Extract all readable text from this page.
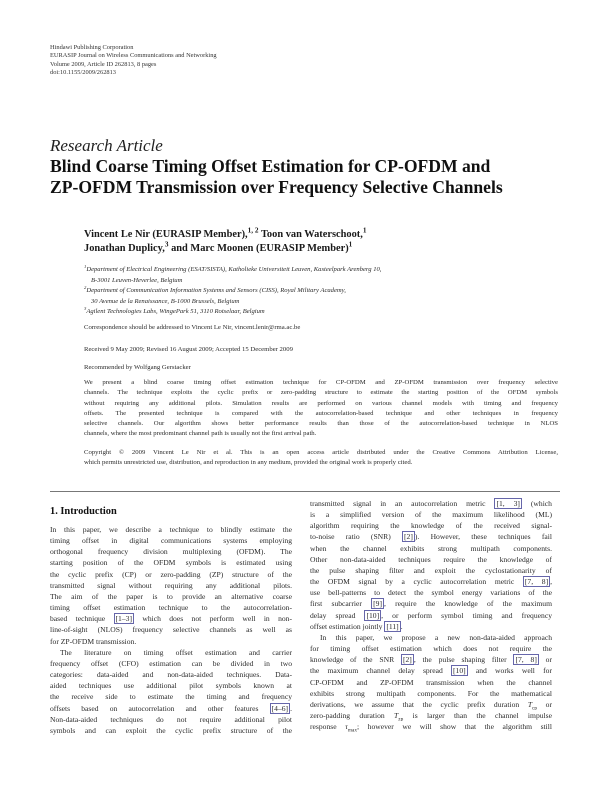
Hindawi Publishing Corporation
EURASIP Journal on Wireless Communications and Networking
Volume 2009, Article ID 262813, 8 pages
doi:10.1155/2009/262813
Research Article
Blind Coarse Timing Offset Estimation for CP-OFDM and
ZP-OFDM Transmission over Frequency Selective Channels
Vincent Le Nir (EURASIP Member),$^{1, 2}$ Toon van Waterschoot,$^1$
Jonathan Duplicy,$^3$ and Marc Moonen (EURASIP Member)$^1$
$^1$Department of Electrical Engineering (ESAT/SISTA), Katholieke Universiteit Leuven, Kasteelpark Arenberg 10,
B-3001 Leuven-Heverlee, Belgium
$^2$Department of Communication Information Systems and Sensors (CISS), Royal Military Academy,
30 Avenue de la Renaissance, B-1000 Brussels, Belgium
$^3$Agilent Technologies Labs, WingePark 51, 3110 Rotselaar, Belgium
Correspondence should be addressed to Vincent Le Nir, vincent.lenir@rma.ac.be
Received 9 May 2009; Revised 16 August 2009; Accepted 15 December 2009
Recommended by Wolfgang Gerstacker
We present a blind coarse timing offset estimation technique for CP-OFDM and ZP-OFDM transmission over frequency selective
channels. The technique exploits the cyclic prefix or zero-padding structure to estimate the starting position of the OFDM symbols
without requiring any additional pilots. Simulation results are performed on various channel models with timing and frequency
offsets. The presented technique is compared with the autocorrelation-based technique and other techniques in frequency
selective channels. Our algorithm shows better performance results than those of the autocorrelation-based technique in NLOS
channels, where the most predominant channel path is usually not the first arrival path.
Copyright © 2009 Vincent Le Nir et al. This is an open access article distributed under the Creative Commons Attribution License,
which permits unrestricted use, distribution, and reproduction in any medium, provided the original work is properly cited.
1. Introduction
In this paper, we describe a technique to blindly estimate the
timing offset in digital communications systems employing
orthogonal frequency division multiplexing (OFDM). The
starting position of the OFDM symbols is estimated using
the cyclic prefix (CP) or zero-padding (ZP) structure of the
transmitted signal without requiring any additional pilots.
The aim of the paper is to provide an alternative coarse
timing offset estimation technique to the autocorrelation-
based technique [1–3] which does not perform well in non-
line-of-sight (NLOS) frequency selective channels as well as
for ZP-OFDM transmission.
The literature on timing offset estimation and carrier
frequency offset (CFO) estimation can be divided in two
categories: data-aided and non-data-aided techniques. Data-
aided techniques use additional pilot symbols known at
the receive side to estimate the timing and frequency
offsets based on autocorrelation and other features [4–6] .
Non-data-aided techniques do not require additional pilot
symbols and can exploit the cyclic prefix structure of the
transmitted signal in an autocorrelation metric [1, 3] (which
is a simplified version of the maximum likelihood (ML)
algorithm requiring the knowledge of the received signal-
to-noise ratio (SNR) [2] ). However, these techniques fail
when the channel exhibits strong multipath components.
Other non-data-aided techniques require the knowledge of
the pulse shaping filter and exploit the cyclostationarity of
the OFDM signal by a cyclic autocorrelation metric [7, 8] ,
use bell-patterns to detect the symbol energy variations of the
first subcarrier [9] , require the knowledge of the maximum
delay spread [10] , or perform symbol timing and frequency
offset estimation jointly [11] .
In this paper, we propose a new non-data-aided approach
for timing offset estimation which does not require the
knowledge of the SNR [2] , the pulse shaping filter [7, 8] or
the maximum channel delay spread [10] and works well for
CP-OFDM and ZP-OFDM transmission when the channel
exhibits strong multipath components. For the mathematical
derivations, we assume that the cyclic prefix duration $T_{cp}$ or
zero-padding duration $T_{zp}$ is larger than the channel impulse
response $\tau_{max}$; however we will show that the algorithm still
